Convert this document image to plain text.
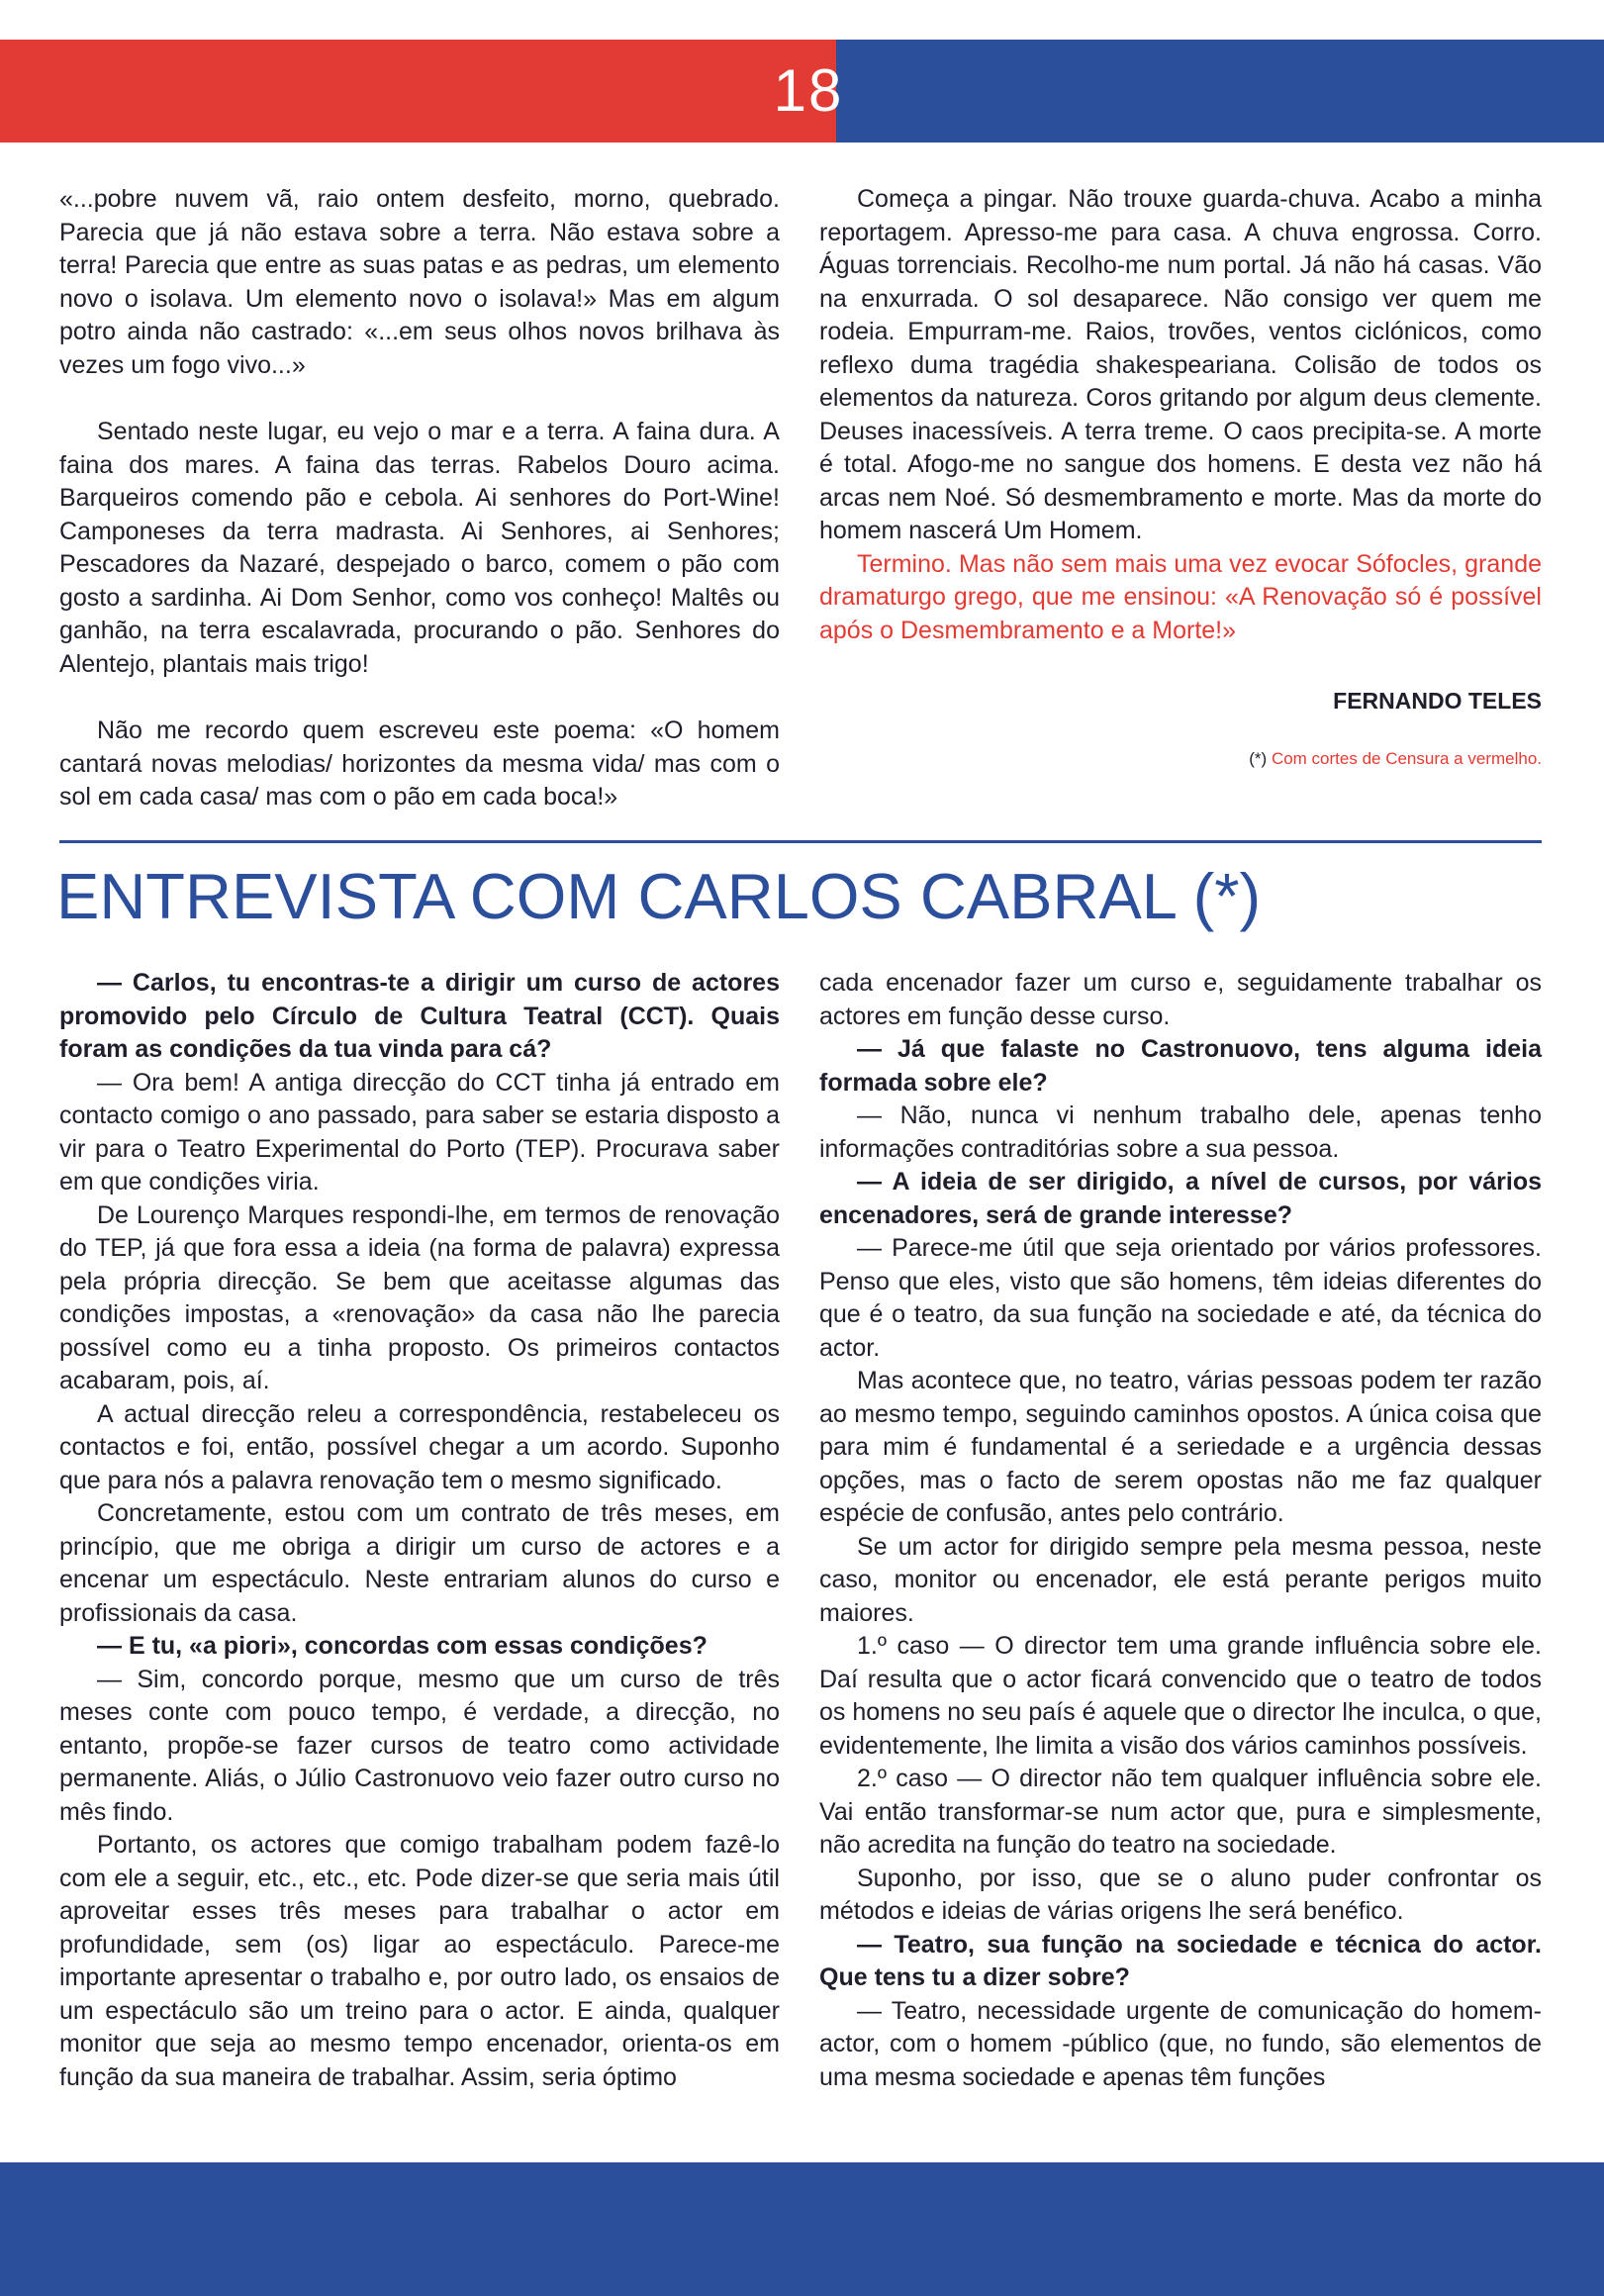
18

«...pobre nuvem vã, raio ontem desfeito, morno, quebrado. Parecia que já não estava sobre a terra. Não estava sobre a terra! Parecia que entre as suas patas e as pedras, um elemento novo o isolava. Um elemento novo o isolava!» Mas em algum potro ainda não castrado: «...em seus olhos novos brilhava às vezes um fogo vivo...»

Sentado neste lugar, eu vejo o mar e a terra. A faina dura. A faina dos mares. A faina das terras. Rabelos Douro acima. Barqueiros comendo pão e cebola. Ai senhores do Port-Wine! Camponeses da terra madrasta. Ai Senhores, ai Senhores; Pescadores da Nazaré, despejado o barco, comem o pão com gosto a sardinha. Ai Dom Senhor, como vos conheço! Maltês ou ganhão, na terra escalavrada, procurando o pão. Senhores do Alentejo, plantais mais trigo!

Não me recordo quem escreveu este poema: «O homem cantará novas melodias/ horizontes da mesma vida/ mas com o sol em cada casa/ mas com o pão em cada boca!»

Começa a pingar. Não trouxe guarda-chuva. Acabo a minha reportagem. Apresso-me para casa. A chuva engrossa. Corro. Águas torrenciais. Recolho-me num portal. Já não há casas. Vão na enxurrada. O sol desaparece. Não consigo ver quem me rodeia. Empurram-me. Raios, trovões, ventos ciclónicos, como reflexo duma tragédia shakespeariana. Colisão de todos os elementos da natureza. Coros gritando por algum deus clemente. Deuses inacessíveis. A terra treme. O caos precipita-se. A morte é total. Afogo-me no sangue dos homens. E desta vez não há arcas nem Noé. Só desmembramento e morte. Mas da morte do homem nascerá Um Homem.

Termino. Mas não sem mais uma vez evocar Sófocles, grande dramaturgo grego, que me ensinou: «A Renovação só é possível após o Desmembramento e a Morte!»

FERNANDO TELES
(*) Com cortes de Censura a vermelho.
ENTREVISTA COM CARLOS CABRAL (*)

— Carlos, tu encontras-te a dirigir um curso de actores promovido pelo Círculo de Cultura Teatral (CCT). Quais foram as condições da tua vinda para cá?

— Ora bem! A antiga direcção do CCT tinha já entrado em contacto comigo o ano passado, para saber se estaria disposto a vir para o Teatro Experimental do Porto (TEP). Procurava saber em que condições viria.

De Lourenço Marques respondi-lhe, em termos de renovação do TEP, já que fora essa a ideia (na forma de palavra) expressa pela própria direcção. Se bem que aceitasse algumas das condições impostas, a «renovação» da casa não lhe parecia possível como eu a tinha proposto. Os primeiros contactos acabaram, pois, aí.

A actual direcção releu a correspondência, restabeleceu os contactos e foi, então, possível chegar a um acordo. Suponho que para nós a palavra renovação tem o mesmo significado.

Concretamente, estou com um contrato de três meses, em princípio, que me obriga a dirigir um curso de actores e a encenar um espectáculo. Neste entrariam alunos do curso e profissionais da casa.

— E tu, «a piori», concordas com essas condições?

— Sim, concordo porque, mesmo que um curso de três meses conte com pouco tempo, é verdade, a direcção, no entanto, propõe-se fazer cursos de teatro como actividade permanente. Aliás, o Júlio Castronuovo veio fazer outro curso no mês findo.

Portanto, os actores que comigo trabalham podem fazê-lo com ele a seguir, etc., etc., etc. Pode dizer-se que seria mais útil aproveitar esses três meses para trabalhar o actor em profundidade, sem (os) ligar ao espectáculo. Parece-me importante apresentar o trabalho e, por outro lado, os ensaios de um espectáculo são um treino para o actor. E ainda, qualquer monitor que seja ao mesmo tempo encenador, orienta-os em função da sua maneira de trabalhar. Assim, seria óptimo

cada encenador fazer um curso e, seguidamente trabalhar os actores em função desse curso.

— Já que falaste no Castronuovo, tens alguma ideia formada sobre ele?

— Não, nunca vi nenhum trabalho dele, apenas tenho informações contraditórias sobre a sua pessoa.

— A ideia de ser dirigido, a nível de cursos, por vários encenadores, será de grande interesse?

— Parece-me útil que seja orientado por vários professores. Penso que eles, visto que são homens, têm ideias diferentes do que é o teatro, da sua função na sociedade e até, da técnica do actor.

Mas acontece que, no teatro, várias pessoas podem ter razão ao mesmo tempo, seguindo caminhos opostos. A única coisa que para mim é fundamental é a seriedade e a urgência dessas opções, mas o facto de serem opostas não me faz qualquer espécie de confusão, antes pelo contrário.

Se um actor for dirigido sempre pela mesma pessoa, neste caso, monitor ou encenador, ele está perante perigos muito maiores.

1.º caso — O director tem uma grande influência sobre ele. Daí resulta que o actor ficará convencido que o teatro de todos os homens no seu país é aquele que o director lhe inculca, o que, evidentemente, lhe limita a visão dos vários caminhos possíveis.

2.º caso — O director não tem qualquer influência sobre ele. Vai então transformar-se num actor que, pura e simplesmente, não acredita na função do teatro na sociedade.

Suponho, por isso, que se o aluno puder confrontar os métodos e ideias de várias origens lhe será benéfico.

— Teatro, sua função na sociedade e técnica do actor. Que tens tu a dizer sobre?

— Teatro, necessidade urgente de comunicação do homem-actor, com o homem -público (que, no fundo, são elementos de uma mesma sociedade e apenas têm funções
